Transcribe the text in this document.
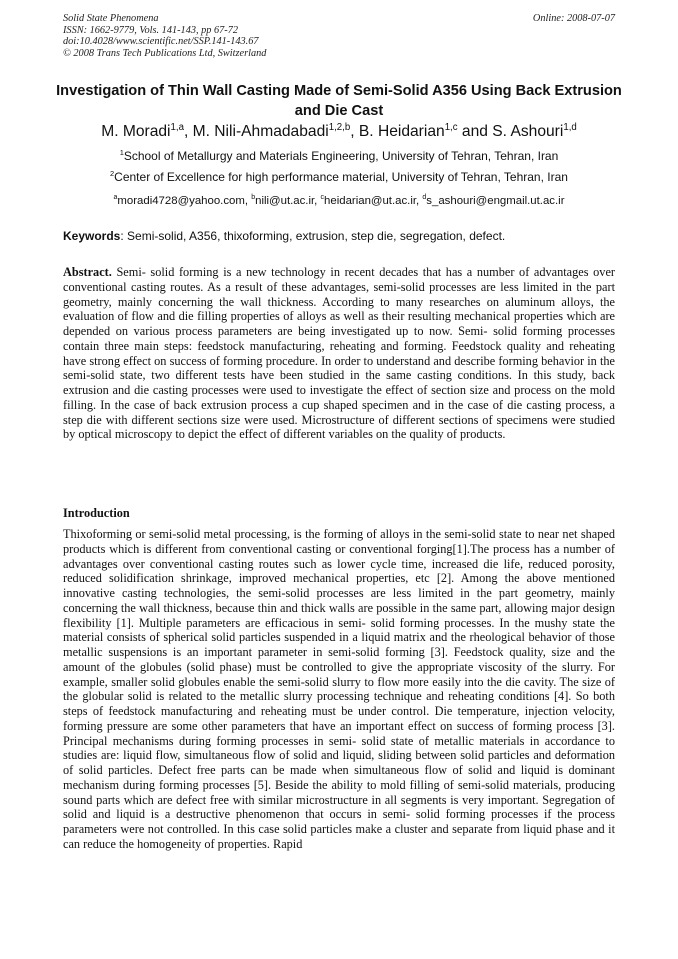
Solid State Phenomena
ISSN: 1662-9779, Vols. 141-143, pp 67-72
doi:10.4028/www.scientific.net/SSP.141-143.67
© 2008 Trans Tech Publications Ltd, Switzerland
Online: 2008-07-07
Investigation of Thin Wall Casting Made of Semi-Solid A356 Using Back Extrusion and Die Cast
M. Moradi$^{1,a}$, M. Nili-Ahmadabadi$^{1,2,b}$, B. Heidarian$^{1,c}$ and S. Ashouri$^{1,d}$
$^1$School of Metallurgy and Materials Engineering, University of Tehran, Tehran, Iran
$^2$Center of Excellence for high performance material, University of Tehran, Tehran, Iran
$^a$moradi4728@yahoo.com, $^b$nili@ut.ac.ir, $^c$heidarian@ut.ac.ir, $^d$s_ashouri@engmail.ut.ac.ir
Keywords: Semi-solid, A356, thixoforming, extrusion, step die, segregation, defect.

Abstract. Semi- solid forming is a new technology in recent decades that has a number of advantages over conventional casting routes. As a result of these advantages, semi-solid processes are less limited in the part geometry, mainly concerning the wall thickness. According to many researches on aluminum alloys, the evaluation of flow and die filling properties of alloys as well as their resulting mechanical properties which are depended on various process parameters are being investigated up to now. Semi- solid forming processes contain three main steps: feedstock manufacturing, reheating and forming. Feedstock quality and reheating have strong effect on success of forming procedure. In order to understand and describe forming behavior in the semi-solid state, two different tests have been studied in the same casting conditions. In this study, back extrusion and die casting processes were used to investigate the effect of section size and process on the mold filling. In the case of back extrusion process a cup shaped specimen and in the case of die casting process, a step die with different sections size were used. Microstructure of different sections of specimens were studied by optical microscopy to depict the effect of different variables on the quality of products.

Introduction

Thixoforming or semi-solid metal processing, is the forming of alloys in the semi-solid state to near net shaped products which is different from conventional casting or conventional forging[1].The process has a number of advantages over conventional casting routes such as lower cycle time, increased die life, reduced porosity, reduced solidification shrinkage, improved mechanical properties, etc [2]. Among the above mentioned innovative casting technologies, the semi-solid processes are less limited in the part geometry, mainly concerning the wall thickness, because thin and thick walls are possible in the same part, allowing major design flexibility [1]. Multiple parameters are efficacious in semi- solid forming processes. In the mushy state the material consists of spherical solid particles suspended in a liquid matrix and the rheological behavior of those metallic suspensions is an important parameter in semi-solid forming [3]. Feedstock quality, size and the amount of the globules (solid phase) must be controlled to give the appropriate viscosity of the slurry. For example, smaller solid globules enable the semi-solid slurry to flow more easily into the die cavity. The size of the globular solid is related to the metallic slurry processing technique and reheating conditions [4]. So both steps of feedstock manufacturing and reheating must be under control. Die temperature, injection velocity, forming pressure are some other parameters that have an important effect on success of forming process [3]. Principal mechanisms during forming processes in semi- solid state of metallic materials in accordance to studies are: liquid flow, simultaneous flow of solid and liquid, sliding between solid particles and deformation of solid particles. Defect free parts can be made when simultaneous flow of solid and liquid is dominant mechanism during forming processes [5]. Beside the ability to mold filling of semi-solid materials, producing sound parts which are defect free with similar microstructure in all segments is very important. Segregation of solid and liquid is a destructive phenomenon that occurs in semi- solid forming processes if the process parameters were not controlled. In this case solid particles make a cluster and separate from liquid phase and it can reduce the homogeneity of properties. Rapid
